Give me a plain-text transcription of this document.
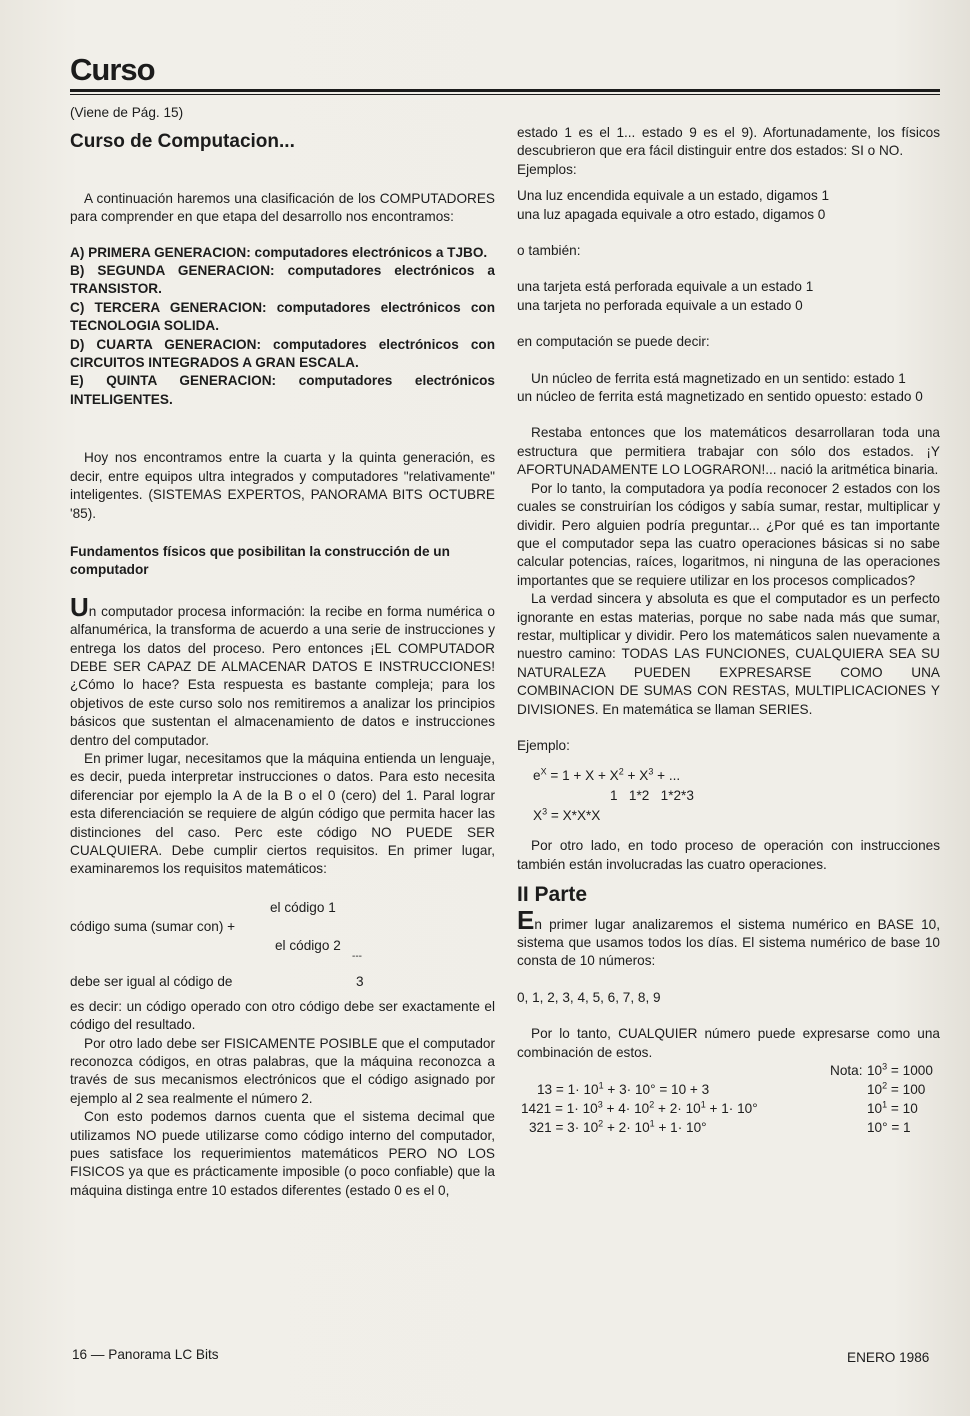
Curso

(Viene de Pág. 15)

Curso de Computacion...

A continuación haremos una clasificación de los COMPUTADORES para comprender en que etapa del desarrollo nos encontramos:

A) PRIMERA GENERACION: computadores electrónicos a TJBO.

B) SEGUNDA GENERACION: computadores electrónicos a TRANSISTOR.

C) TERCERA GENERACION: computadores electrónicos con TECNOLOGIA SOLIDA.

D) CUARTA GENERACION: computadores electrónicos con CIRCUITOS INTEGRADOS A GRAN ESCALA.

E) QUINTA GENERACION: computadores electrónicos INTELIGENTES.

Hoy nos encontramos entre la cuarta y la quinta generación, es decir, entre equipos ultra integrados y computadores "relativamente" inteligentes. (SISTEMAS EXPERTOS, PANORAMA BITS OCTUBRE '85).

Fundamentos físicos que posibilitan la construcción de un computador

Un computador procesa información: la recibe en forma numérica o alfanumérica, la transforma de acuerdo a una serie de instrucciones y entrega los datos del proceso. Pero entonces ¡EL COMPUTADOR DEBE SER CAPAZ DE ALMACENAR DATOS E INSTRUCCIONES! ¿Cómo lo hace? Esta respuesta es bastante compleja; para los objetivos de este curso solo nos remitiremos a analizar los principios básicos que sustentan el almacenamiento de datos e instrucciones dentro del computador.

En primer lugar, necesitamos que la máquina entienda un lenguaje, es decir, pueda interpretar instrucciones o datos. Para esto necesita diferenciar por ejemplo la A de la B o el 0 (cero) del 1. Paral lograr esta diferenciación se requiere de algún código que permita hacer las distinciones del caso. Perc este código NO PUEDE SER CUALQUIERA. Debe cumplir ciertos requisitos. En primer lugar, examinaremos los requisitos matemáticos:

el código 1
código suma (sumar con) +
el código 2
---
debe ser igual al código de	3

es decir: un código operado con otro código debe ser exactamente el código del resultado.

Por otro lado debe ser FISICAMENTE POSIBLE que el computador reconozca códigos, en otras palabras, que la máquina reconozca a través de sus mecanismos electrónicos que el código asignado por ejemplo al 2 sea realmente el número 2.

Con esto podemos darnos cuenta que el sistema decimal que utilizamos NO puede utilizarse como código interno del computador, pues satisface los requerimientos matemáticos PERO NO LOS FISICOS ya que es prácticamente imposible (o poco confiable) que la máquina distinga entre 10 estados diferentes (estado 0 es el 0,

estado 1 es el 1... estado 9 es el 9). Afortunadamente, los físicos descubrieron que era fácil distinguir entre dos estados: SI o NO.

Ejemplos:

Una luz encendida equivale a un estado, digamos 1

una luz apagada equivale a otro estado, digamos 0

o también:

una tarjeta está perforada equivale a un estado 1

una tarjeta no perforada equivale a un estado 0

en computación se puede decir:

Un núcleo de ferrita está magnetizado en un sentido: estado 1

un núcleo de ferrita está magnetizado en sentido opuesto: estado 0

Restaba entonces que los matemáticos desarrollaran toda una estructura que permitiera trabajar con sólo dos estados. ¡Y AFORTUNADAMENTE LO LOGRARON!... nació la aritmética binaria.

Por lo tanto, la computadora ya podía reconocer 2 estados con los cuales se construirían los códigos y sabía sumar, restar, multiplicar y dividir. Pero alguien podría preguntar... ¿Por qué es tan importante que el computador sepa las cuatro operaciones básicas si no sabe calcular potencias, raíces, logaritmos, ni ninguna de las operaciones importantes que se requiere utilizar en los procesos complicados?

La verdad sincera y absoluta es que el computador es un perfecto ignorante en estas materias, porque no sabe nada más que sumar, restar, multiplicar y dividir. Pero los matemáticos salen nuevamente a nuestro camino: TODAS LAS FUNCIONES, CUALQUIERA SEA SU NATURALEZA PUEDEN EXPRESARSE COMO UNA COMBINACION DE SUMAS CON RESTAS, MULTIPLICACIONES Y DIVISIONES. En matemática se llaman SERIES.

Ejemplo:

$e^X = 1 + X + X^2 + X^3$ + ...
1   1*2   1*2*3
$X^3 = X*X*X$

Por otro lado, en todo proceso de operación con instrucciones también están involucradas las cuatro operaciones.

II Parte

En primer lugar analizaremos el sistema numérico en BASE 10, sistema que usamos todos los días. El sistema numérico de base 10 consta de 10 números:

0, 1, 2, 3, 4, 5, 6, 7, 8, 9

Por lo tanto, CUALQUIER número puede expresarse como una combinación de estos.

Nota: $10^3 = 1000$
$10^2 = 100$
$10^1 = 10$
10° = 1
$13 = 1\cdot 10^1 + 3\cdot 10^\circ = 10 + 3$
$1421 = 1\cdot 10^3 + 4\cdot 10^2 + 2\cdot 10^1 + 1\cdot 10^\circ$
$321 = 3\cdot 10^2 + 2\cdot 10^1 + 1\cdot 10^\circ$
16 — Panorama LC Bits	ENERO 1986
